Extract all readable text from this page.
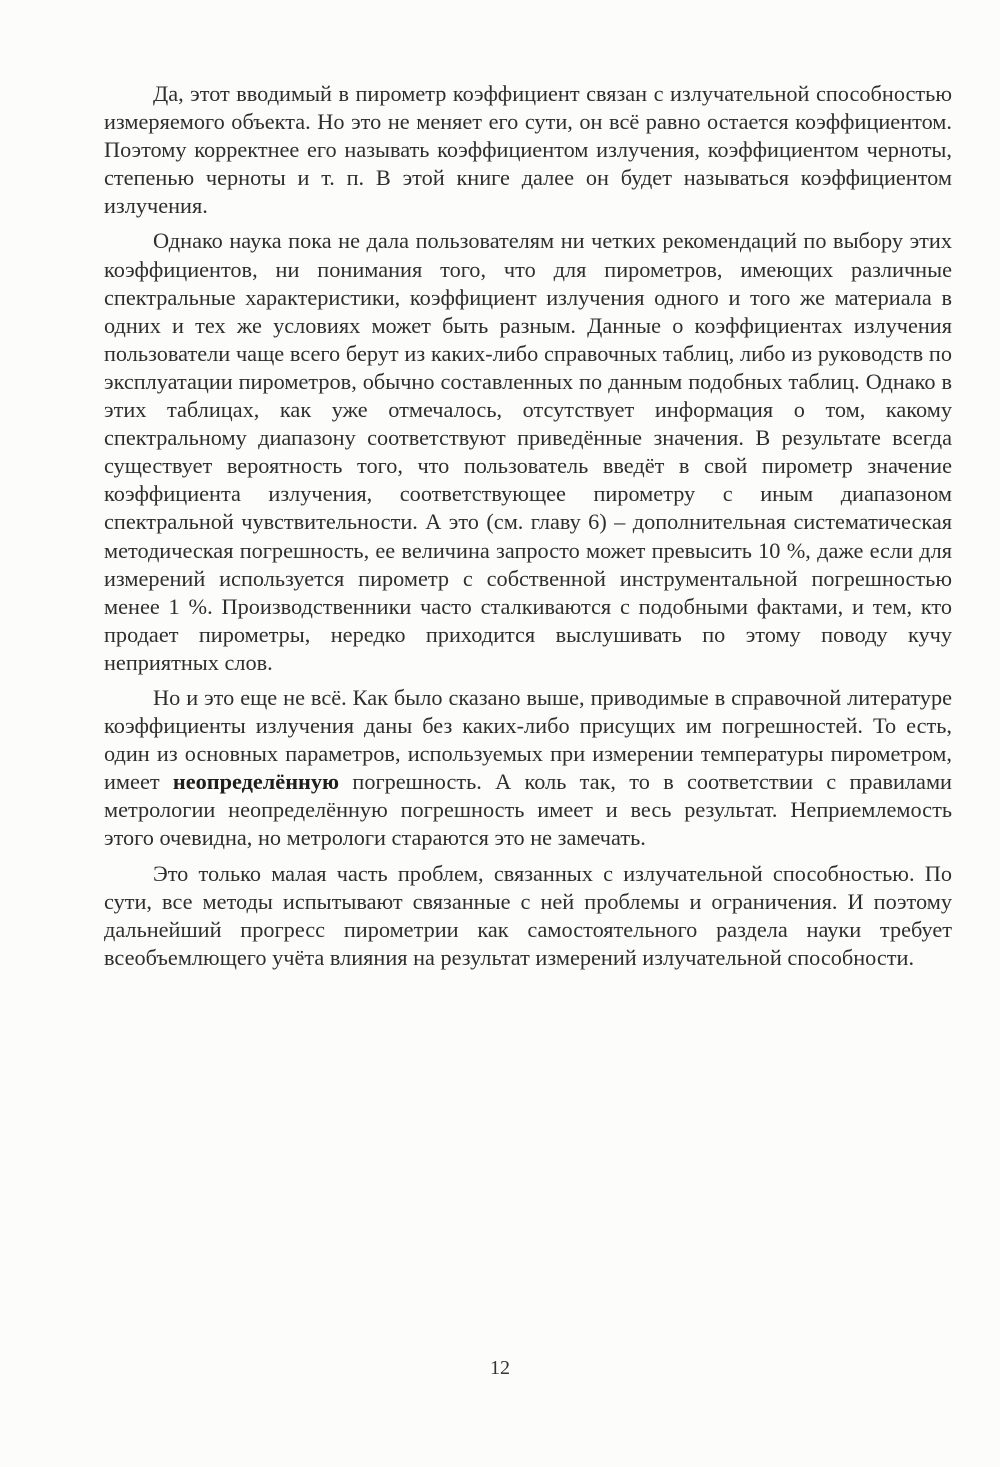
Да, этот вводимый в пирометр коэффициент связан с излучательной способностью измеряемого объекта. Но это не меняет его сути, он всё равно остается коэффициентом. Поэтому корректнее его называть коэффициентом излучения, коэффициентом черноты, степенью черноты и т. п. В этой книге далее он будет называться коэффициентом излучения.

Однако наука пока не дала пользователям ни четких рекомендаций по выбору этих коэффициентов, ни понимания того, что для пирометров, имеющих различные спектральные характеристики, коэффициент излучения одного и того же материала в одних и тех же условиях может быть разным. Данные о коэффициентах излучения пользователи чаще всего берут из каких-либо справочных таблиц, либо из руководств по эксплуатации пирометров, обычно составленных по данным подобных таблиц. Однако в этих таблицах, как уже отмечалось, отсутствует информация о том, какому спектральному диапазону соответствуют приведённые значения. В результате всегда существует вероятность того, что пользователь введёт в свой пирометр значение коэффициента излучения, соответствующее пирометру с иным диапазоном спектральной чувствительности. А это (см. главу 6) – дополнительная систематическая методическая погрешность, ее величина запросто может превысить 10 %, даже если для измерений используется пирометр с собственной инструментальной погрешностью менее 1 %. Производственники часто сталкиваются с подобными фактами, и тем, кто продает пирометры, нередко приходится выслушивать по этому поводу кучу неприятных слов.

Но и это еще не всё. Как было сказано выше, приводимые в справочной литературе коэффициенты излучения даны без каких-либо присущих им погрешностей. То есть, один из основных параметров, используемых при измерении температуры пирометром, имеет неопределённую погрешность. А коль так, то в соответствии с правилами метрологии неопределённую погрешность имеет и весь результат. Неприемлемость этого очевидна, но метрологи стараются это не замечать.

Это только малая часть проблем, связанных с излучательной способностью. По сути, все методы испытывают связанные с ней проблемы и ограничения. И поэтому дальнейший прогресс пирометрии как самостоятельного раздела науки требует всеобъемлющего учёта влияния на результат измерений излучательной способности.

12
